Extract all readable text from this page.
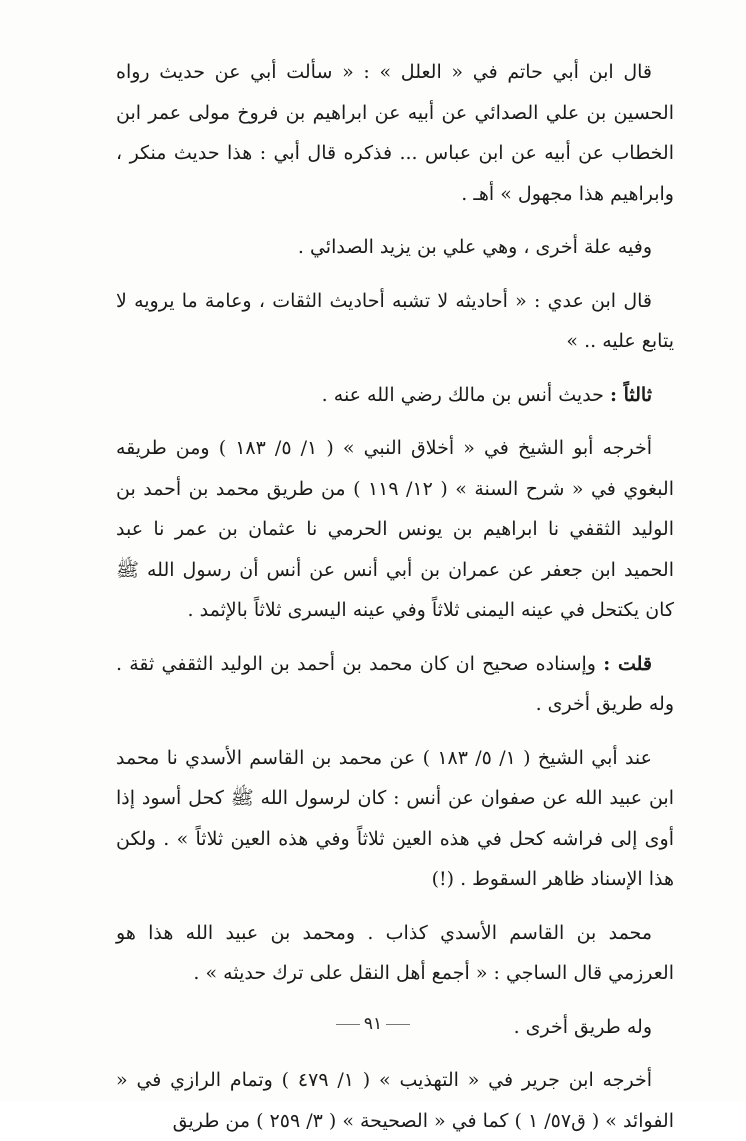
قال ابن أبي حاتم في « العلل » : « سألت أبي عن حديث رواه الحسين بن علي الصدائي عن أبيه عن ابراهيم بن فروخ مولى عمر ابن الخطاب عن أبيه عن ابن عباس ... فذكره قال أبي : هذا حديث منكر ، وابراهيم هذا مجهول » أهـ .

وفيه علة أخرى ، وهي علي بن يزيد الصدائي .

قال ابن عدي : « أحاديثه لا تشبه أحاديث الثقات ، وعامة ما يرويه لا يتابع عليه .. »

ثالثاً : حديث أنس بن مالك رضي الله عنه .

أخرجه أبو الشيخ في « أخلاق النبي » ( ١/ ٥/ ١٨٣ ) ومن طريقه البغوي في « شرح السنة » ( ١٢/ ١١٩ ) من طريق محمد بن أحمد بن الوليد الثقفي نا ابراهيم بن يونس الحرمي نا عثمان بن عمر نا عبد الحميد ابن جعفر عن عمران بن أبي أنس عن أنس أن رسول الله ﷺ كان يكتحل في عينه اليمنى ثلاثاً وفي عينه اليسرى ثلاثاً بالإثمد .

قلت : وإسناده صحيح ان كان محمد بن أحمد بن الوليد الثقفي ثقة . وله طريق أخرى .

عند أبي الشيخ ( ١/ ٥/ ١٨٣ ) عن محمد بن القاسم الأسدي نا محمد ابن عبيد الله عن صفوان عن أنس : كان لرسول الله ﷺ كحل أسود إذا أوى إلى فراشه كحل في هذه العين ثلاثاً وفي هذه العين ثلاثاً » . ولكن هذا الإسناد ظاهر السقوط . (!)

محمد بن القاسم الأسدي كذاب . ومحمد بن عبيد الله هذا هو العرزمي قال الساجي : « أجمع أهل النقل على ترك حديثه » .

وله طريق أخرى .

أخرجه ابن جرير في « التهذيب » ( ١/ ٤٧٩ ) وتمام الرازي في « الفوائد » ( ق٥٧/ ١ ) كما في « الصحيحة » ( ٣/ ٢٥٩ ) من طريق

٩١
